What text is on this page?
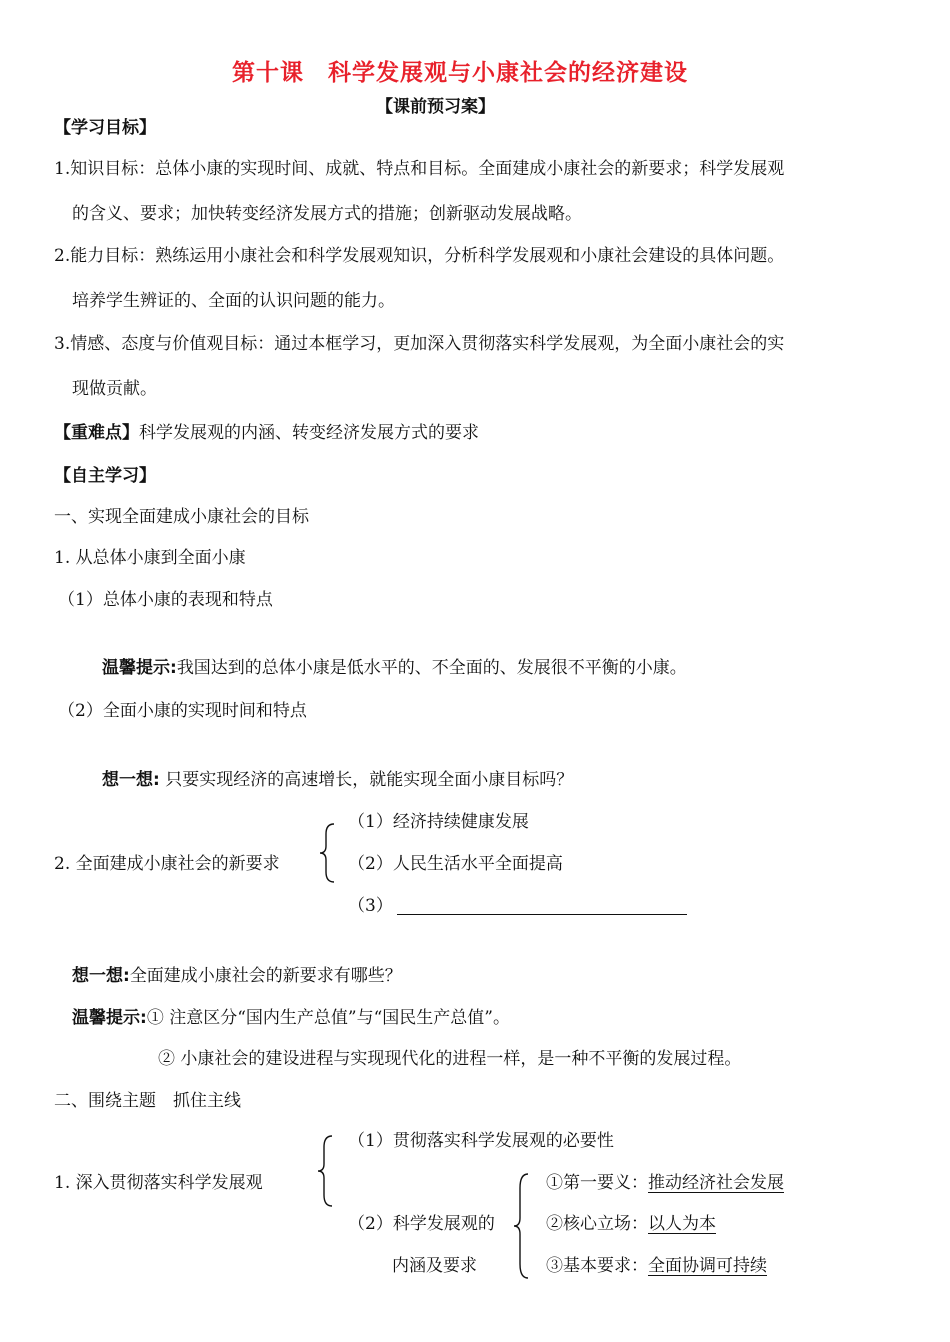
第十课　科学发展观与小康社会的经济建设
【课前预习案】
【学习目标】
1.知识目标：总体小康的实现时间、成就、特点和目标。全面建成小康社会的新要求；科学发展观
的含义、要求；加快转变经济发展方式的措施；创新驱动发展战略。
2.能力目标：熟练运用小康社会和科学发展观知识，分析科学发展观和小康社会建设的具体问题。
培养学生辨证的、全面的认识问题的能力。
3.情感、态度与价值观目标：通过本框学习，更加深入贯彻落实科学发展观，为全面小康社会的实
现做贡献。
【重难点】科学发展观的内涵、转变经济发展方式的要求
【自主学习】
一、实现全面建成小康社会的目标
1. 从总体小康到全面小康
（1）总体小康的表现和特点
温馨提示:我国达到的总体小康是低水平的、不全面的、发展很不平衡的小康。
（2）全面小康的实现时间和特点
想一想: 只要实现经济的高速增长，就能实现全面小康目标吗？
（1）经济持续健康发展
2. 全面建成小康社会的新要求	（2）人民生活水平全面提高
（3）
想一想:全面建成小康社会的新要求有哪些？
温馨提示:① 注意区分“国内生产总值”与“国民生产总值”。
② 小康社会的建设进程与实现现代化的进程一样，是一种不平衡的发展过程。
二、围绕主题　抓住主线
（1）贯彻落实科学发展观的必要性
1. 深入贯彻落实科学发展观
（2）科学发展观的
内涵及要求
①第一要义：推动经济社会发展
②核心立场：以人为本
③基本要求：全面协调可持续
